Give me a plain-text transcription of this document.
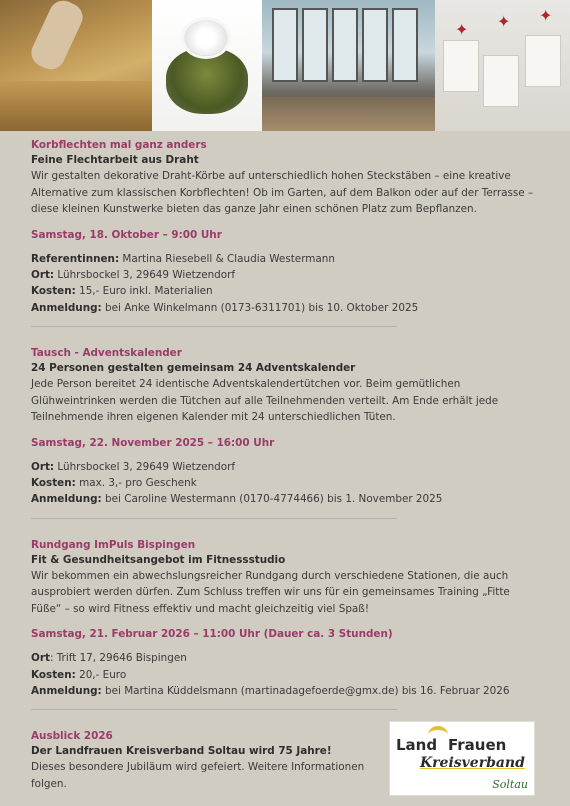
✦ ✦ ✦

Korbflechten mal ganz anders

Feine Flechtarbeit aus Draht

Wir gestalten dekorative Draht-Körbe auf unterschiedlich hohen Steckstäben – eine kreative Alternative zum klassischen Korbflechten! Ob im Garten, auf dem Balkon oder auf der Terrasse – diese kleinen Kunstwerke bieten das ganze Jahr einen schönen Platz zum Bepflanzen.

Samstag, 18. Oktober – 9:00 Uhr

Referentinnen: Martina Riesebell & Claudia Westermann

Ort: Lührsbockel 3, 29649 Wietzendorf

Kosten: 15,- Euro inkl. Materialien

Anmeldung: bei Anke Winkelmann (0173-6311701) bis 10. Oktober 2025

Tausch - Adventskalender

24 Personen gestalten gemeinsam 24 Adventskalender

Jede Person bereitet 24 identische Adventskalendertütchen vor. Beim gemütlichen Glühweintrinken werden die Tütchen auf alle Teilnehmenden verteilt. Am Ende erhält jede Teilnehmende ihren eigenen Kalender mit 24 unterschiedlichen Tüten.

Samstag, 22. November 2025 – 16:00 Uhr

Ort: Lührsbockel 3, 29649 Wietzendorf

Kosten: max. 3,- pro Geschenk

Anmeldung: bei Caroline Westermann (0170-4774466) bis 1. November 2025

Rundgang ImPuls Bispingen

Fit & Gesundheitsangebot im Fitnessstudio

Wir bekommen ein abwechslungsreicher Rundgang durch verschiedene Stationen, die auch ausprobiert werden dürfen. Zum Schluss treffen wir uns für ein gemeinsames Training „Fitte Füße“ – so wird Fitness effektiv und macht gleichzeitig viel Spaß!

Samstag, 21. Februar 2026 – 11:00 Uhr (Dauer ca. 3 Stunden)

Ort: Trift 17, 29646 Bispingen

Kosten: 20,- Euro

Anmeldung: bei Martina Küddelsmann (martinadagefoerde@gmx.de) bis 16. Februar 2026

Ausblick 2026

Der Landfrauen Kreisverband Soltau wird 75 Jahre!

Dieses besondere Jubiläum wird gefeiert. Weitere Informationen folgen.

Land Frauen
Kreisverband
Soltau
